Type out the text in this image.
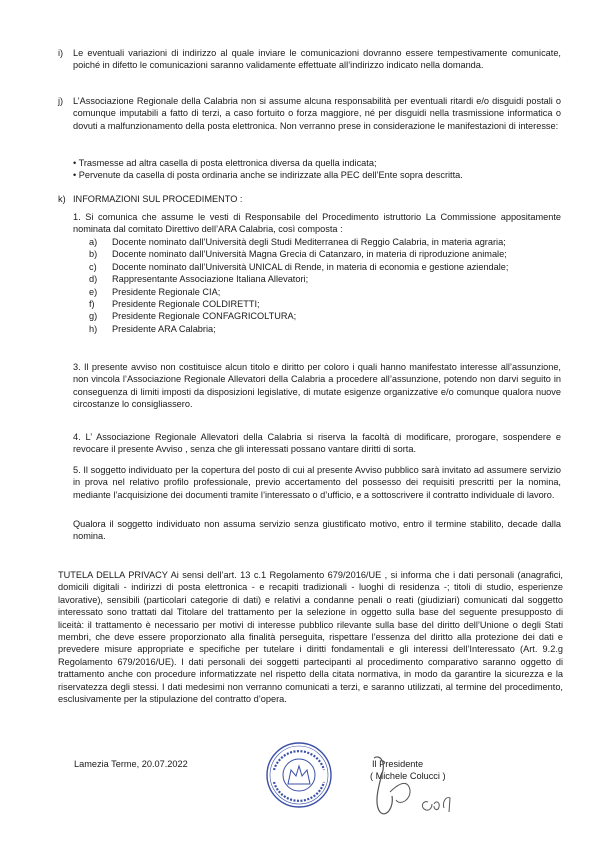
i) Le eventuali variazioni di indirizzo al quale inviare le comunicazioni dovranno essere tempestivamente comunicate, poiché in difetto le comunicazioni saranno validamente effettuate all’indirizzo indicato nella domanda.
j) L’Associazione Regionale della Calabria non si assume alcuna responsabilità per eventuali ritardi e/o disguidi postali o comunque imputabili a fatto di terzi, a caso fortuito o forza maggiore, né per disguidi nella trasmissione informatica o dovuti a malfunzionamento della posta elettronica. Non verranno prese in considerazione le manifestazioni di interesse:
• Trasmesse ad altra casella di posta elettronica diversa da quella indicata;
• Pervenute da casella di posta ordinaria anche se indirizzate alla PEC dell’Ente sopra descritta.
k) INFORMAZIONI SUL PROCEDIMENTO :
1. Si comunica che assume le vesti di Responsabile del Procedimento istruttorio La Commissione appositamente nominata dal comitato Direttivo dell’ARA Calabria, così composta :
a)	Docente nominato dall’Università degli Studi Mediterranea di Reggio Calabria, in materia agraria;
b)	Docente nominato dall’Università Magna Grecia di Catanzaro, in materia di riproduzione animale;
c)	Docente nominato dall’Università UNICAL di Rende, in materia di economia e gestione aziendale;
d)	Rappresentante Associazione Italiana Allevatori;
e)	Presidente Regionale CIA;
f)	Presidente Regionale COLDIRETTI;
g)	Presidente Regionale CONFAGRICOLTURA;
h)	Presidente ARA Calabria;
3. Il presente avviso non costituisce alcun titolo e diritto per coloro i quali hanno manifestato interesse all’assunzione, non vincola l’Associazione Regionale Allevatori della Calabria a procedere all’assunzione, potendo non darvi seguito in conseguenza di limiti imposti da disposizioni legislative, di mutate esigenze organizzative e/o comunque qualora nuove circostanze lo consigliassero.
4. L’ Associazione Regionale Allevatori della Calabria si riserva la facoltà di modificare, prorogare, sospendere e revocare il presente Avviso , senza che gli interessati possano vantare diritti di sorta.
5. Il soggetto individuato per la copertura del posto di cui al presente Avviso pubblico sarà invitato ad assumere servizio in prova nel relativo profilo professionale, previo accertamento del possesso dei requisiti prescritti per la nomina, mediante l’acquisizione dei documenti tramite l’interessato o d’ufficio, e a sottoscrivere il contratto individuale di lavoro.
Qualora il soggetto individuato non assuma servizio senza giustificato motivo, entro il termine stabilito, decade dalla nomina.
TUTELA DELLA PRIVACY Ai sensi dell’art. 13 c.1 Regolamento 679/2016/UE , si informa che i dati personali (anagrafici, domicili digitali - indirizzi di posta elettronica - e recapiti tradizionali - luoghi di residenza -; titoli di studio, esperienze lavorative), sensibili (particolari categorie di dati) e relativi a condanne penali o reati (giudiziari) comunicati dal soggetto interessato sono trattati dal Titolare del trattamento per la selezione in oggetto sulla base del seguente presupposto di liceità: il trattamento è necessario per motivi di interesse pubblico rilevante sulla base del diritto dell’Unione o degli Stati membri, che deve essere proporzionato alla finalità perseguita, rispettare l’essenza del diritto alla protezione dei dati e prevedere misure appropriate e specifiche per tutelare i diritti fondamentali e gli interessi dell’Interessato (Art. 9.2.g Regolamento 679/2016/UE). I dati personali dei soggetti partecipanti al procedimento comparativo saranno oggetto di trattamento anche con procedure informatizzate nel rispetto della citata normativa, in modo da garantire la sicurezza e la riservatezza degli stessi. I dati medesimi non verranno comunicati a terzi, e saranno utilizzati, al termine del procedimento, esclusivamente per la stipulazione del contratto d’opera.
Lamezia Terme, 20.07.2022	Il Presidente
( Michele Colucci )
